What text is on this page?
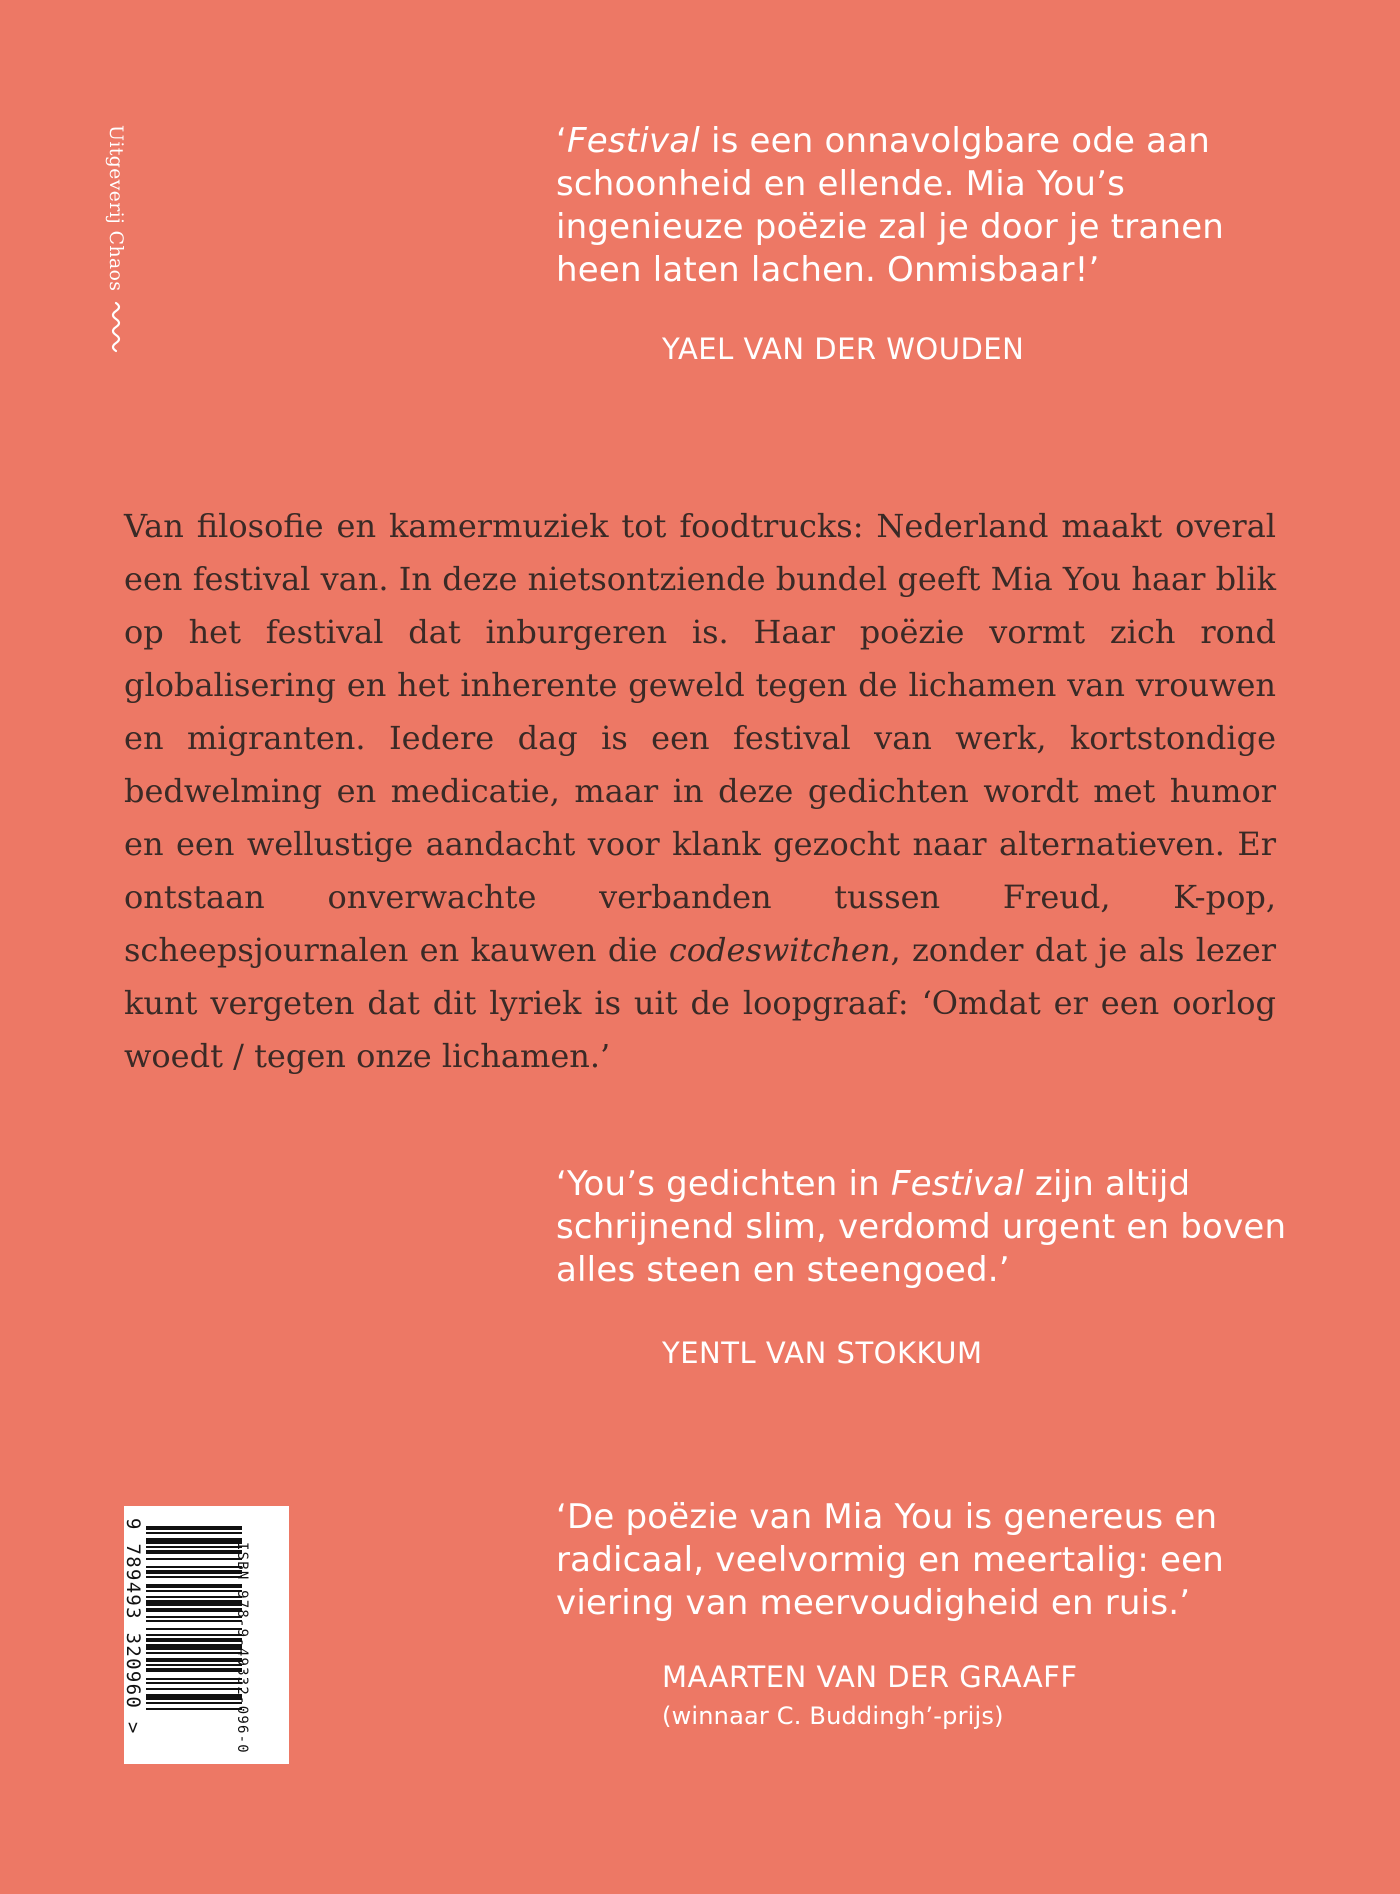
Uitgeverij Chaos	‘Festival is een onnavolgbare ode aan schoonheid en ellende. Mia You’s ingenieuze poëzie zal je door je tranen heen laten lachen. Onmisbaar!’

YAEL VAN DER WOUDEN

Van filosofie en kamermuziek tot foodtrucks: Nederland maakt overal een festival van. In deze nietsontziende bundel geeft Mia You haar blik op het festival dat inburgeren is. Haar poëzie vormt zich rond globalisering en het inherente geweld tegen de lichamen van vrouwen en migranten. Iedere dag is een festival van werk, kortstondige bedwelming en medicatie, maar in deze gedichten wordt met humor en een wellustige aandacht voor klank gezocht naar alternatieven. Er ontstaan onverwachte verbanden tussen Freud, K-pop, scheepsjournalen en kauwen die codeswitchen, zonder dat je als lezer kunt vergeten dat dit lyriek is uit de loopgraaf: ‘Omdat er een oorlog woedt / tegen onze lichamen.’

‘You’s gedichten in Festival zijn altijd schrijnend slim, verdomd urgent en boven alles steen en steengoed.’

YENTL VAN STOKKUM

‘De poëzie van Mia You is genereus en radicaal, veelvormig en meertalig: een viering van meervoudigheid en ruis.’

MAARTEN VAN DER GRAAFF

(winnaar C. Buddingh’-prijs)

9 789493 320960 >	ISBN 978-9-49332-096-0
